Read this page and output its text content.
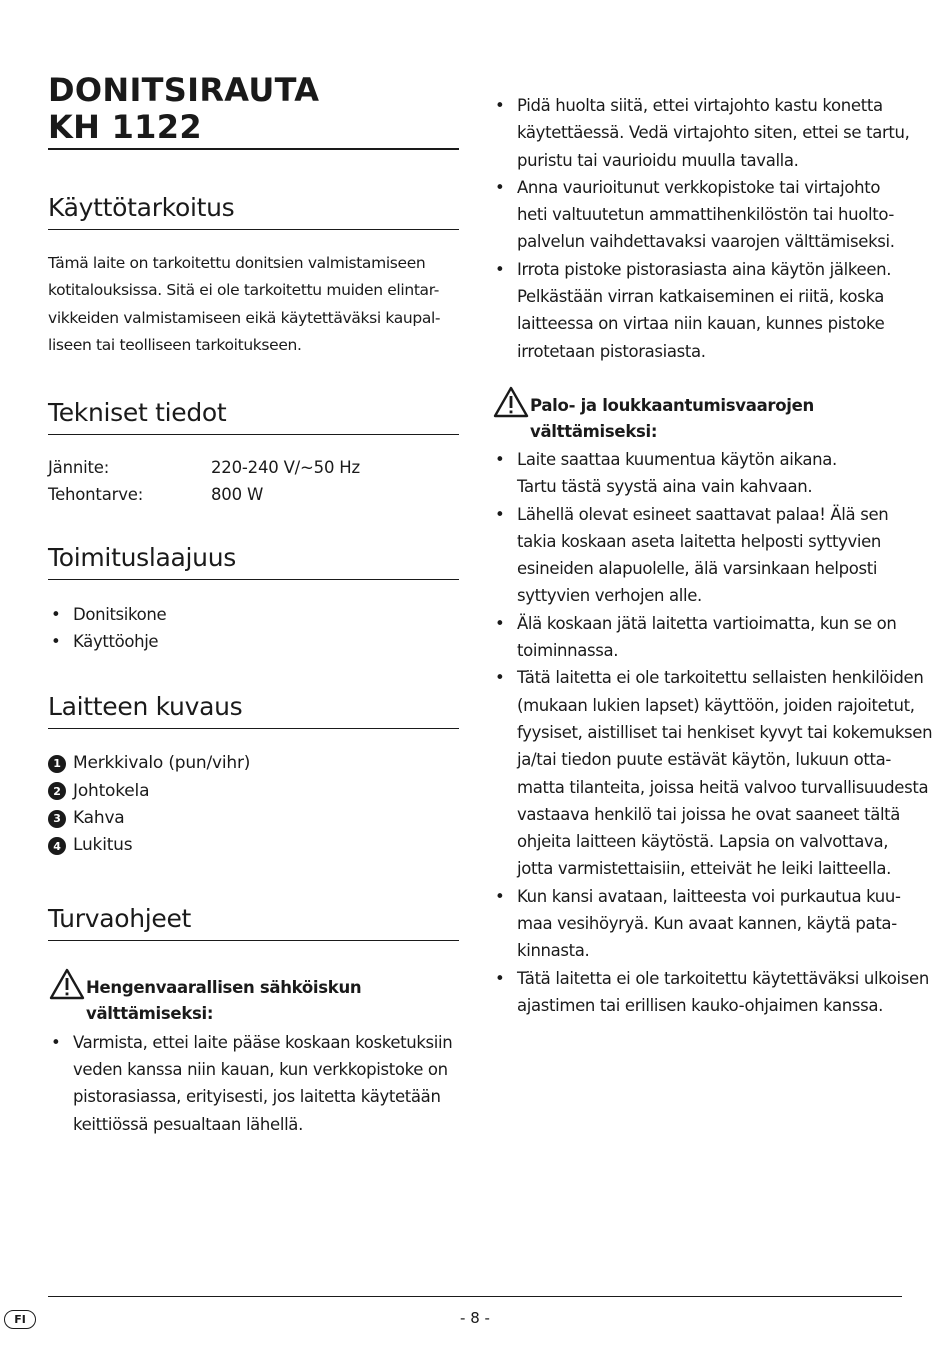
DONITSIRAUTA
KH 1122
Käyttötarkoitus

Tämä laite on tarkoitettu donitsien valmistamiseen
kotitalouksissa. Sitä ei ole tarkoitettu muiden elintar-
vikkeiden valmistamiseen eikä käytettäväksi kaupal-
liseen tai teolliseen tarkoitukseen.

Tekniset tiedot
Jännite:	220-240 V/~50 Hz
Tehontarve:	800 W
Toimituslaajuus
• Donitsikone
• Käyttöohje
Laitteen kuvaus
1 Merkkivalo (pun/vihr)
2 Johtokela
3 Kahva
4 Lukitus
Turvaohjeet
Hengenvaarallisen sähköiskun
välttämiseksi:
• Varmista, ettei laite pääse koskaan kosketuksiin
veden kanssa niin kauan, kun verkkopistoke on
pistorasiassa, erityisesti, jos laitetta käytetään
keittiössä pesualtaan lähellä.
• Pidä huolta siitä, ettei virtajohto kastu konetta
käytettäessä. Vedä virtajohto siten, ettei se tartu,
puristu tai vaurioidu muulla tavalla.
• Anna vaurioitunut verkkopistoke tai virtajohto
heti valtuutetun ammattihenkilöstön tai huolto-
palvelun vaihdettavaksi vaarojen välttämiseksi.
• Irrota pistoke pistorasiasta aina käytön jälkeen.
Pelkästään virran katkaiseminen ei riitä, koska
laitteessa on virtaa niin kauan, kunnes pistoke
irrotetaan pistorasiasta.
Palo- ja loukkaantumisvaarojen
välttämiseksi:
• Laite saattaa kuumentua käytön aikana.
Tartu tästä syystä aina vain kahvaan.
• Lähellä olevat esineet saattavat palaa! Älä sen
takia koskaan aseta laitetta helposti syttyvien
esineiden alapuolelle, älä varsinkaan helposti
syttyvien verhojen alle.
• Älä koskaan jätä laitetta vartioimatta, kun se on
toiminnassa.
• Tätä laitetta ei ole tarkoitettu sellaisten henkilöiden
(mukaan lukien lapset) käyttöön, joiden rajoitetut,
fyysiset, aistilliset tai henkiset kyvyt tai kokemuksen
ja/tai tiedon puute estävät käytön, lukuun otta-
matta tilanteita, joissa heitä valvoo turvallisuudesta
vastaava henkilö tai joissa he ovat saaneet tältä
ohjeita laitteen käytöstä. Lapsia on valvottava,
jotta varmistettaisiin, etteivät he leiki laitteella.
• Kun kansi avataan, laitteesta voi purkautua kuu-
maa vesihöyryä. Kun avaat kannen, käytä pata-
kinnasta.
• Tätä laitetta ei ole tarkoitettu käytettäväksi ulkoisen
ajastimen tai erillisen kauko-ohjaimen kanssa.
FI	- 8 -
